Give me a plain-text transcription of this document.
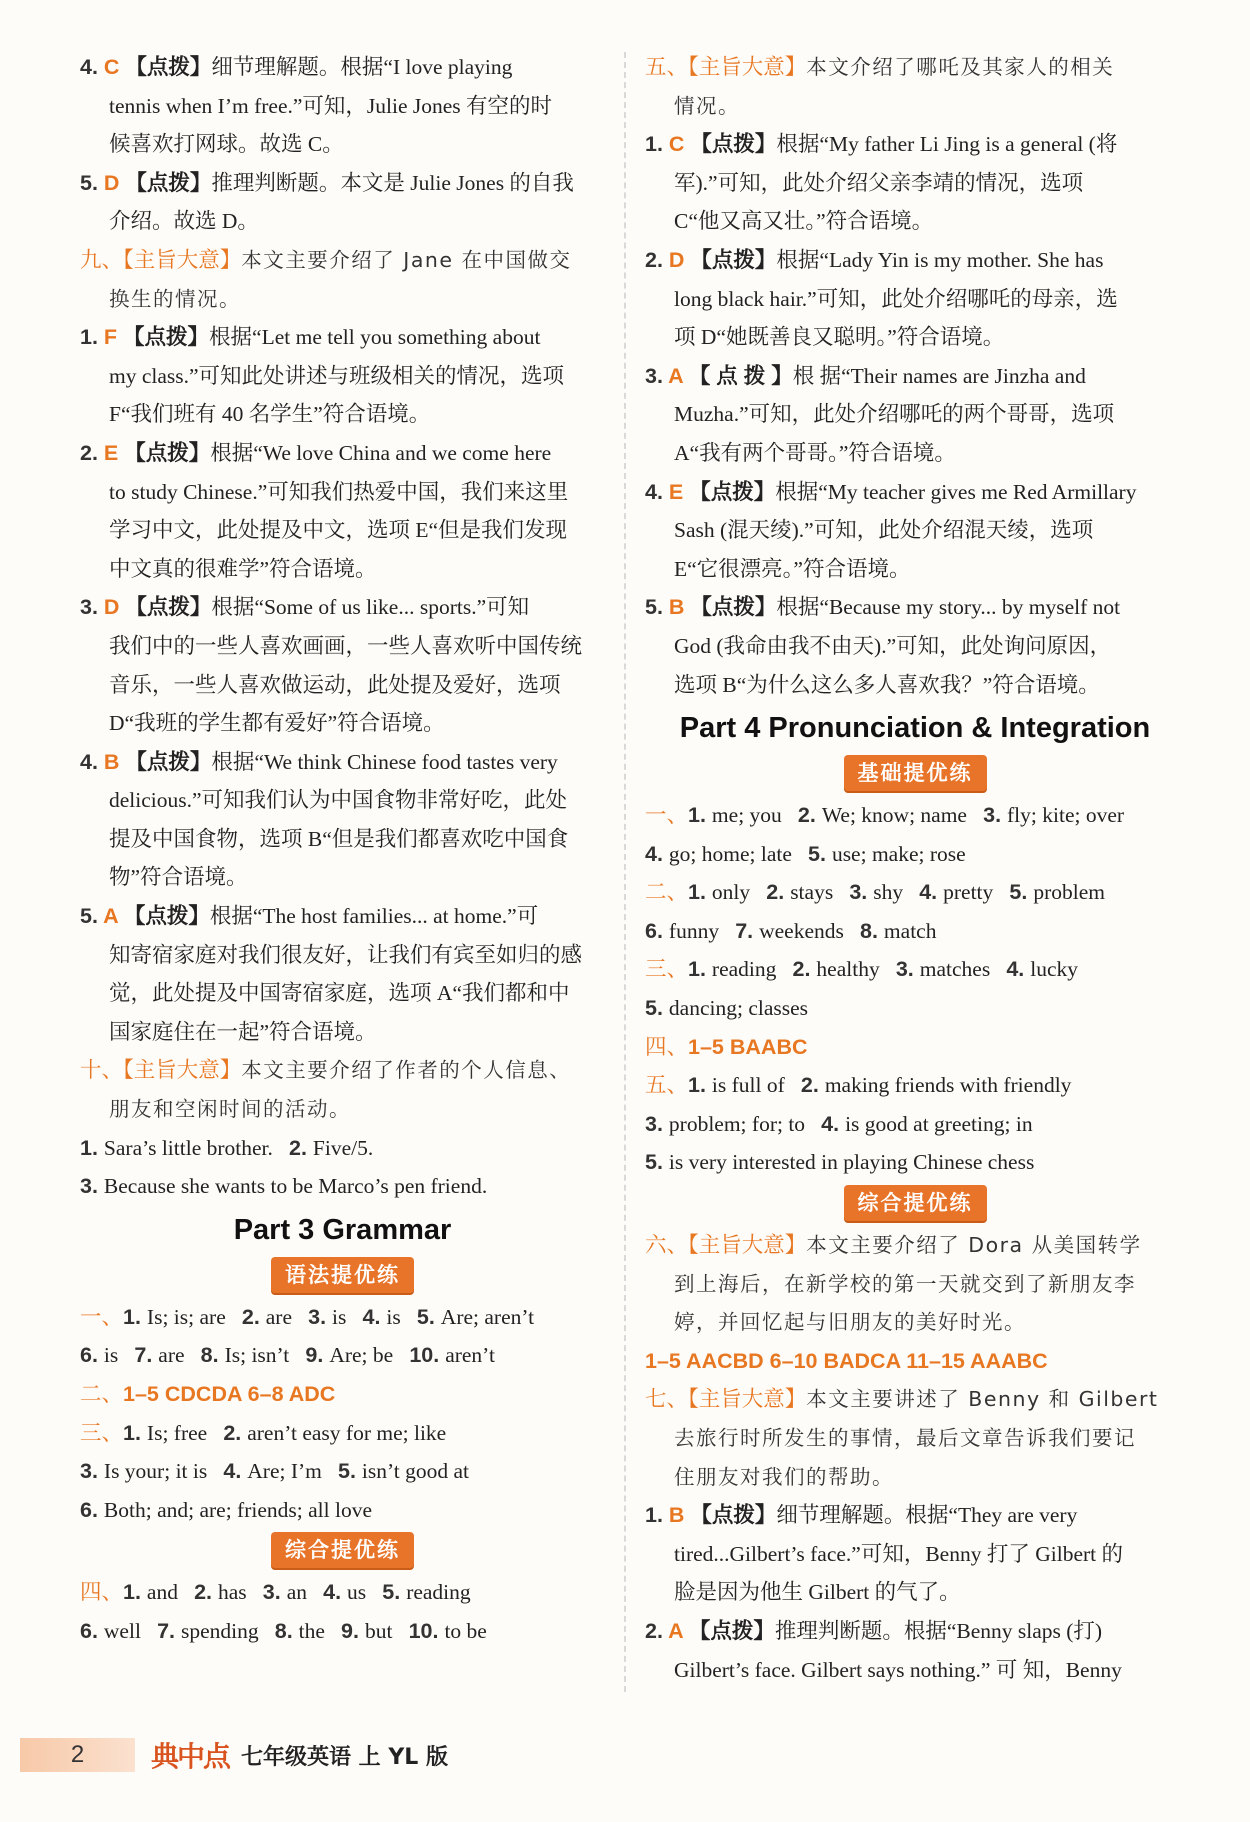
4. C 【点拨】细节理解题。根据“I love playing
tennis when I’m free.”可知，Julie Jones 有空的时
候喜欢打网球。故选 C。
5. D 【点拨】推理判断题。本文是 Julie Jones 的自我
介绍。故选 D。
九、【主旨大意】本文主要介绍了 Jane 在中国做交
换生的情况。
1. F 【点拨】根据“Let me tell you something about
my class.”可知此处讲述与班级相关的情况，选项
F“我们班有 40 名学生”符合语境。
2. E 【点拨】根据“We love China and we come here
to study Chinese.”可知我们热爱中国，我们来这里
学习中文，此处提及中文，选项 E“但是我们发现
中文真的很难学”符合语境。
3. D 【点拨】根据“Some of us like... sports.”可知
我们中的一些人喜欢画画，一些人喜欢听中国传统
音乐，一些人喜欢做运动，此处提及爱好，选项
D“我班的学生都有爱好”符合语境。
4. B 【点拨】根据“We think Chinese food tastes very
delicious.”可知我们认为中国食物非常好吃，此处
提及中国食物，选项 B“但是我们都喜欢吃中国食
物”符合语境。
5. A 【点拨】根据“The host families... at home.”可
知寄宿家庭对我们很友好，让我们有宾至如归的感
觉，此处提及中国寄宿家庭，选项 A“我们都和中
国家庭住在一起”符合语境。
十、【主旨大意】本文主要介绍了作者的个人信息、
朋友和空闲时间的活动。
1. Sara’s little brother. 2. Five/5.
3. Because she wants to be Marco’s pen friend.
Part 3 Grammar
语法提优练
一、1. Is; is; are 2. are 3. is 4. is 5. Are; aren’t
6. is 7. are 8. Is; isn’t 9. Are; be 10. aren’t
二、1–5 CDCDA 6–8 ADC
三、1. Is; free 2. aren’t easy for me; like
3. Is your; it is 4. Are; I’m 5. isn’t good at
6. Both; and; are; friends; all love
综合提优练
四、1. and 2. has 3. an 4. us 5. reading
6. well 7. spending 8. the 9. but 10. to be
五、【主旨大意】本文介绍了哪吒及其家人的相关
情况。
1. C 【点拨】根据“My father Li Jing is a general (将
军).”可知，此处介绍父亲李靖的情况，选项
C“他又高又壮。”符合语境。
2. D 【点拨】根据“Lady Yin is my mother. She has
long black hair.”可知，此处介绍哪吒的母亲，选
项 D“她既善良又聪明。”符合语境。
3. A 【 点 拨 】根 据“Their names are Jinzha and
Muzha.”可知，此处介绍哪吒的两个哥哥，选项
A“我有两个哥哥。”符合语境。
4. E 【点拨】根据“My teacher gives me Red Armillary
Sash (混天绫).”可知，此处介绍混天绫，选项
E“它很漂亮。”符合语境。
5. B 【点拨】根据“Because my story... by myself not
God (我命由我不由天).”可知，此处询问原因，
选项 B“为什么这么多人喜欢我？”符合语境。
Part 4 Pronunciation & Integration
基础提优练
一、1. me; you 2. We; know; name 3. fly; kite; over
4. go; home; late 5. use; make; rose
二、1. only 2. stays 3. shy 4. pretty 5. problem
6. funny 7. weekends 8. match
三、1. reading 2. healthy 3. matches 4. lucky
5. dancing; classes
四、1–5 BAABC
五、1. is full of 2. making friends with friendly
3. problem; for; to 4. is good at greeting; in
5. is very interested in playing Chinese chess
综合提优练
六、【主旨大意】本文主要介绍了 Dora 从美国转学
到上海后，在新学校的第一天就交到了新朋友李
婷，并回忆起与旧朋友的美好时光。
1–5 AACBD 6–10 BADCA 11–15 AAABC
七、【主旨大意】本文主要讲述了 Benny 和 Gilbert
去旅行时所发生的事情，最后文章告诉我们要记
住朋友对我们的帮助。
1. B 【点拨】细节理解题。根据“They are very
tired...Gilbert’s face.”可知，Benny 打了 Gilbert 的
脸是因为他生 Gilbert 的气了。
2. A 【点拨】推理判断题。根据“Benny slaps (打)
Gilbert’s face. Gilbert says nothing.” 可 知，Benny
2	典中点 七年级英语 上 YL 版
